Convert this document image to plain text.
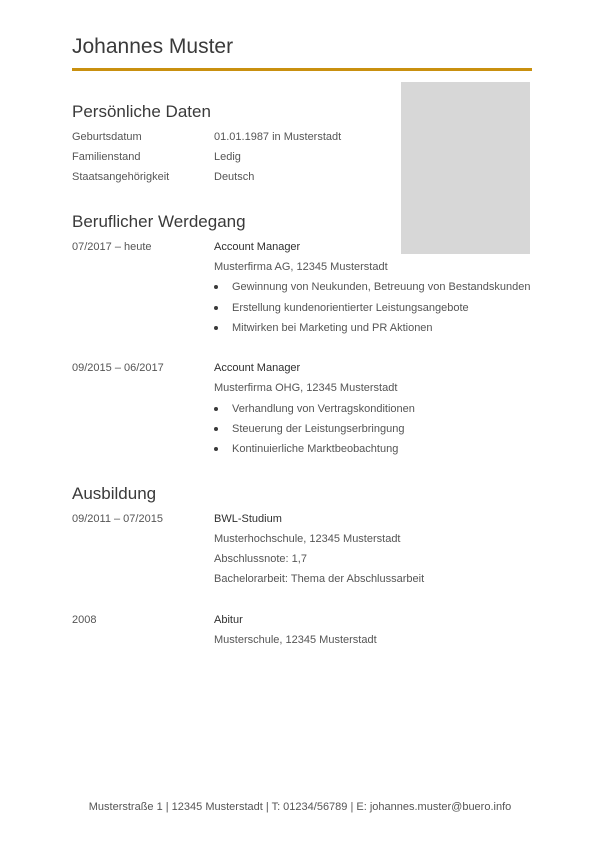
Johannes Muster
Persönliche Daten
Geburtsdatum	01.01.1987 in Musterstadt
Familienstand	Ledig
Staatsangehörigkeit	Deutsch
Beruflicher Werdegang
07/2017 – heute	Account Manager
Musterfirma AG, 12345 Musterstadt
Gewinnung von Neukunden, Betreuung von Bestandskunden
Erstellung kundenorientierter Leistungsangebote
Mitwirken bei Marketing und PR Aktionen
09/2015 – 06/2017	Account Manager
Musterfirma OHG, 12345 Musterstadt
Verhandlung von Vertragskonditionen
Steuerung der Leistungserbringung
Kontinuierliche Marktbeobachtung
Ausbildung
09/2011 – 07/2015	BWL-Studium
Musterhochschule, 12345 Musterstadt
Abschlussnote: 1,7
Bachelorarbeit: Thema der Abschlussarbeit
2008	Abitur
Musterschule, 12345 Musterstadt
Musterstraße 1 | 12345 Musterstadt | T: 01234/56789 | E: johannes.muster@buero.info
